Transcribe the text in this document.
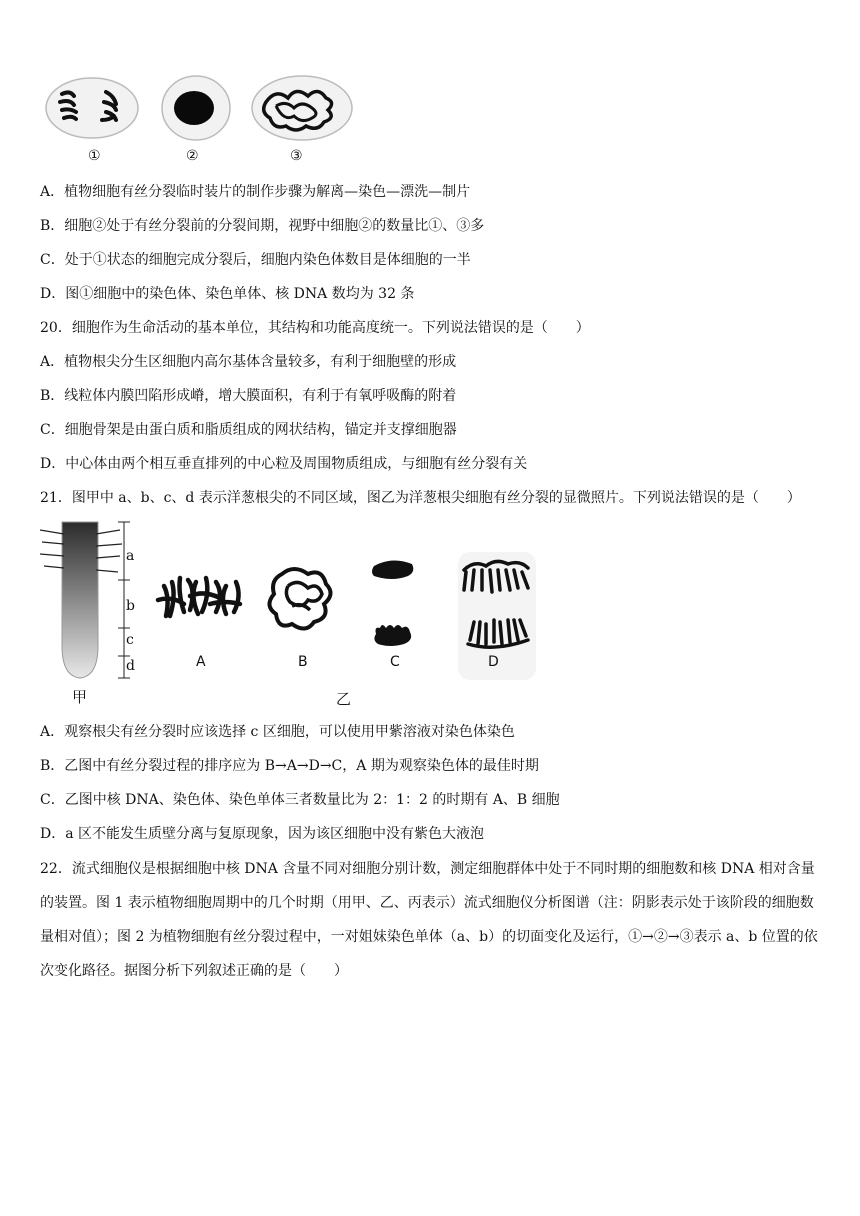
①	②	③
A．植物细胞有丝分裂临时装片的制作步骤为解离—染色—漂洗—制片
B．细胞②处于有丝分裂前的分裂间期，视野中细胞②的数量比①、③多
C．处于①状态的细胞完成分裂后，细胞内染色体数目是体细胞的一半
D．图①细胞中的染色体、染色单体、核 DNA 数均为 32 条
20．细胞作为生命活动的基本单位，其结构和功能高度统一。下列说法错误的是（　　）
A．植物根尖分生区细胞内高尔基体含量较多，有利于细胞壁的形成
B．线粒体内膜凹陷形成嵴，增大膜面积，有利于有氧呼吸酶的附着
C．细胞骨架是由蛋白质和脂质组成的网状结构，锚定并支撑细胞器
D．中心体由两个相互垂直排列的中心粒及周围物质组成，与细胞有丝分裂有关
21．图甲中 a、b、c、d 表示洋葱根尖的不同区域，图乙为洋葱根尖细胞有丝分裂的显微照片。下列说法错误的是（　　）
a
b
c
d	A	B	C	D
甲	乙
A．观察根尖有丝分裂时应该选择 c 区细胞，可以使用甲紫溶液对染色体染色
B．乙图中有丝分裂过程的排序应为 B→A→D→C，A 期为观察染色体的最佳时期
C．乙图中核 DNA、染色体、染色单体三者数量比为 2：1：2 的时期有 A、B 细胞
D．a 区不能发生质壁分离与复原现象，因为该区细胞中没有紫色大液泡
22．流式细胞仪是根据细胞中核 DNA 含量不同对细胞分别计数，测定细胞群体中处于不同时期的细胞数和核 DNA 相对含量的装置。图 1 表示植物细胞周期中的几个时期（用甲、乙、丙表示）流式细胞仪分析图谱（注：阴影表示处于该阶段的细胞数量相对值）；图 2 为植物细胞有丝分裂过程中，一对姐妹染色单体（a、b）的切面变化及运行，①→②→③表示 a、b 位置的依次变化路径。据图分析下列叙述正确的是（　　）
